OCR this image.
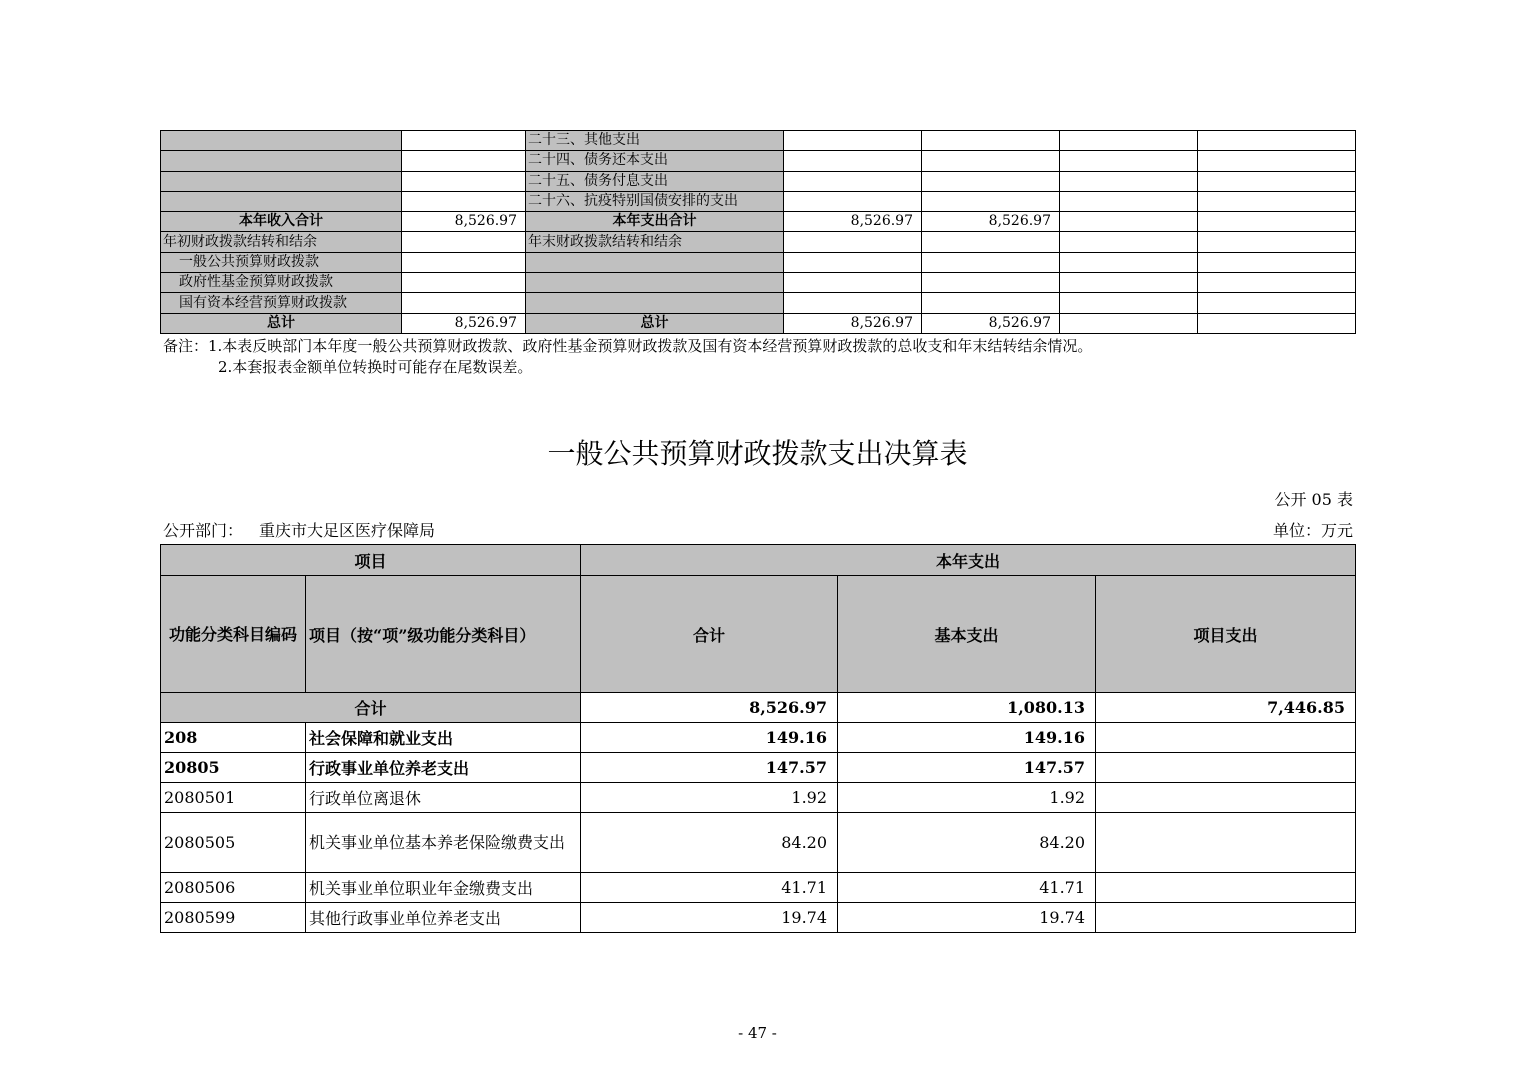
		二十三、其他支出				
		二十四、债务还本支出				
		二十五、债务付息支出				
		二十六、抗疫特别国债安排的支出				
本年收入合计	8,526.97	本年支出合计	8,526.97	8,526.97		
年初财政拨款结转和结余		年末财政拨款结转和结余				
一般公共预算财政拨款						
政府性基金预算财政拨款						
国有资本经营预算财政拨款						
总计	8,526.97	总计	8,526.97	8,526.97		
备注：1.本表反映部门本年度一般公共预算财政拨款、政府性基金预算财政拨款及国有资本经营预算财政拨款的总收支和年末结转结余情况。
2.本套报表金额单位转换时可能存在尾数误差。
一般公共预算财政拨款支出决算表
公开 05 表
公开部门： 重庆市大足区医疗保障局	单位：万元
项目		本年支出		
功能分类科目编码	项目（按“项”级功能分类科目）	合计	基本支出	项目支出
合计		8,526.97	1,080.13	7,446.85
208	社会保障和就业支出	149.16	149.16	
20805	行政事业单位养老支出	147.57	147.57	
2080501	行政单位离退休	1.92	1.92	
2080505	机关事业单位基本养老保险缴费支出	84.20	84.20	
2080506	机关事业单位职业年金缴费支出	41.71	41.71	
2080599	其他行政事业单位养老支出	19.74	19.74	
- 47 -
